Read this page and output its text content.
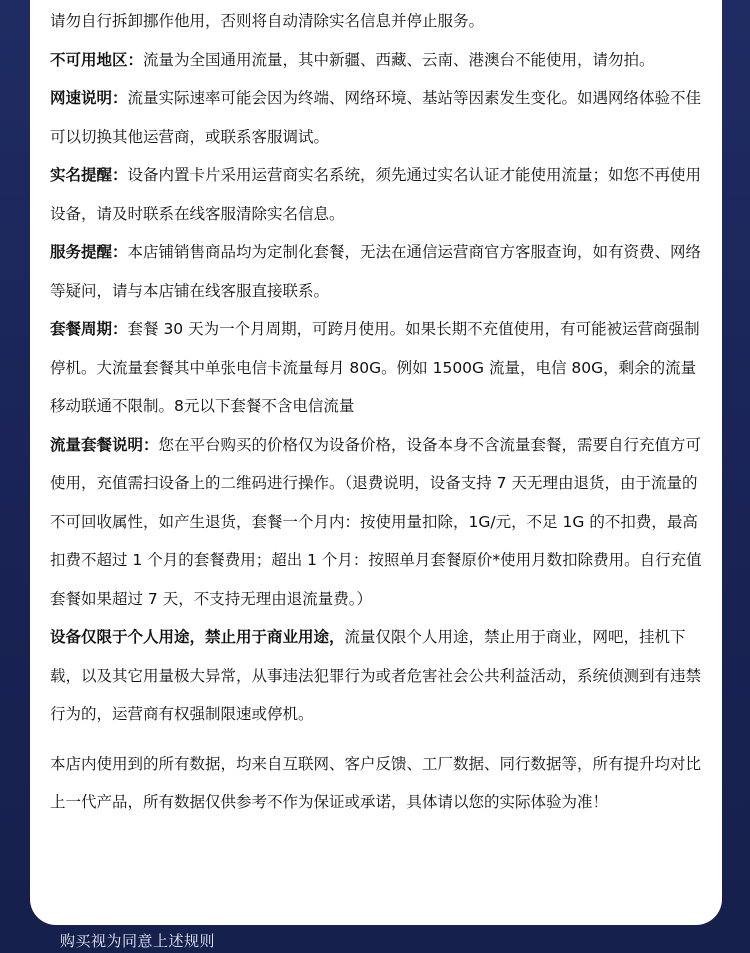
请勿自行拆卸挪作他用，否则将自动清除实名信息并停止服务。

不可用地区：流量为全国通用流量，其中新疆、西藏、云南、港澳台不能使用，请勿拍。

网速说明：流量实际速率可能会因为终端、网络环境、基站等因素发生变化。如遇网络体验不佳可以切换其他运营商，或联系客服调试。

实名提醒：设备内置卡片采用运营商实名系统，须先通过实名认证才能使用流量；如您不再使用设备，请及时联系在线客服清除实名信息。

服务提醒：本店铺销售商品均为定制化套餐，无法在通信运营商官方客服查询，如有资费、网络等疑问，请与本店铺在线客服直接联系。

套餐周期：套餐 30 天为一个月周期，可跨月使用。如果长期不充值使用，有可能被运营商强制停机。大流量套餐其中单张电信卡流量每月 80G。例如 1500G 流量，电信 80G，剩余的流量移动联通不限制。8元以下套餐不含电信流量

流量套餐说明：您在平台购买的价格仅为设备价格，设备本身不含流量套餐，需要自行充值方可使用，充值需扫设备上的二维码进行操作。（退费说明，设备支持 7 天无理由退货，由于流量的不可回收属性，如产生退货，套餐一个月内：按使用量扣除，1G/元，不足 1G 的不扣费，最高扣费不超过 1 个月的套餐费用；超出 1 个月：按照单月套餐原价*使用月数扣除费用。自行充值套餐如果超过 7 天，不支持无理由退流量费。）

设备仅限于个人用途，禁止用于商业用途，流量仅限个人用途，禁止用于商业，网吧，挂机下载，以及其它用量极大异常，从事违法犯罪行为或者危害社会公共利益活动，系统侦测到有违禁行为的，运营商有权强制限速或停机。

本店内使用到的所有数据，均来自互联网、客户反馈、工厂数据、同行数据等，所有提升均对比上一代产品，所有数据仅供参考不作为保证或承诺，具体请以您的实际体验为准！

购买视为同意上述规则
